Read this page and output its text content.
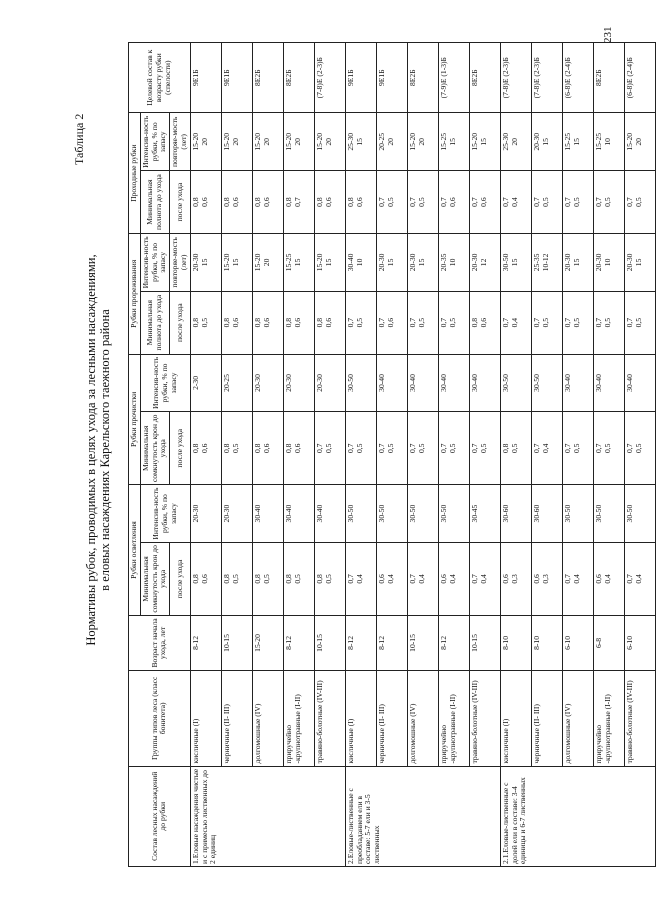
231
Таблица 2
Нормативы рубок, проводимых в целях ухода за лесными насаждениями, в еловых насаждениях Карельского таежного района
Состав лесных насаждений до рубки	Группы типов леса (класс бонитета)	Возраст начала ухода, лет	Рубки осветления		Рубки прочистки		Рубки прореживания		Проходные рубки		Целевой состав к возрасту рубки (спелости)
			Минимальная сомкнутость крон до ухода	Интенсив-ность рубки, % по запасу	Минимальная сомкнутость крон до ухода	Интенсив-ность рубки, % по запасу	Минимальная полнота до ухода	Интенсив-ность рубки, % по запасу	Минимальная полнота до ухода	Интенсив-ность рубки, % по запасу	
			после ухода		после ухода		после ухода	повторяе-мость (лет)	после ухода	повторяе-мость (лет)	
1.Еловые насаждения чистые и с примесью лиственных до 2 единиц	кисличные (I)	8-12	0,8 0,6	20-30	0,8 0,6	2-30	0,8 0,5	20-30 15	0,8 0,6	15-20 20	9Е1Б
	черничные (II- III)	10-15	0,8 0,5	20-30	0,8 0,5	20-25	0,8 0,6	15-20 15	0,8 0,6	15-20 20	9Е1Б
	долгомошные (IV)	15-20	0,8 0,5	30-40	0,8 0,6	20-30	0,8 0,6	15-20 20	0,8 0,6	15-20 20	8Е2Б
	приручейно -крупнотравные (I-II)	8-12	0,8 0,5	30-40	0,8 0,6	20-30	0,8 0,6	15-25 15	0,8 0,7	15-20 20	8Е2Б
	травяно-болотные (IV-III)	10-15	0,8 0,5	30-40	0,7 0,5	20-30	0,8 0,6	15-20 15	0,8 0,6	15-20 20	(7-8)Е (2-3)Б
2.Еловые-лиственные с преобладанием ели в составе: 5-7 ели и 3-5 лиственных	кисличные (I)	8-12	0,7 0,4	30-50	0,7 0,5	30-50	0,7 0,5	30-40 10	0,8 0,6	25-30 15	9Е1Б
	черничные (II- III)	8-12	0,6 0,4	30-50	0,7 0,5	30-40	0,7 0,6	20-30 15	0,7 0,5	20-25 20	9Е1Б
	долгомошные (IV)	10-15	0,7 0,4	30-50	0,7 0,5	30-40	0,7 0,5	20-30 15	0,7 0,5	15-20 20	8Е2Б
	приручейно -крупнотравные (I-II)	8-12	0,6 0,4	30-50	0,7 0,5	30-40	0,7 0,5	20-35 10	0,7 0,6	15-25 15	(7-9)Е (1-3)Б
	травяно-болотные (IV-III)	10-15	0,7 0,4	30-45	0,7 0,5	30-40	0,8 0,6	20-30 12	0,7 0,6	15-20 15	8Е2Б
2.1.Еловые-лиственные с долей ели в составе: 3-4 единицы и 6-7 лиственных	кисличные (I)	8-10	0,6 0,3	30-60	0,8 0,5	30-50	0,7 0,4	30-50 15	0,7 0,4	25-30 20	(7-8)Е (2-3)Б
	черничные (II- III)	8-10	0,6 0,3	30-60	0,7 0,4	30-50	0,7 0,5	25-35 10-12	0,7 0,5	20-30 15	(7-8)Е (2-3)Б
	долгомошные (IV)	6-10	0,7 0,4	30-50	0,7 0,5	30-40	0,7 0,5	20-30 15	0,7 0,5	15-25 15	(6-8)Е (2-4)Б
	приручейно -крупнотравные (I-II)	6-8	0,6 0,4	30-50	0,7 0,5	30-40	0,7 0,5	20-30 10	0,7 0,5	15-25 10	8Е2Б
	травяно-болотные (IV-III)	6-10	0,7 0,4	30-50	0,7 0,5	30-40	0,7 0,5	20-30 15	0,7 0,5	15-20 20	(6-8)Е (2-4)Б
